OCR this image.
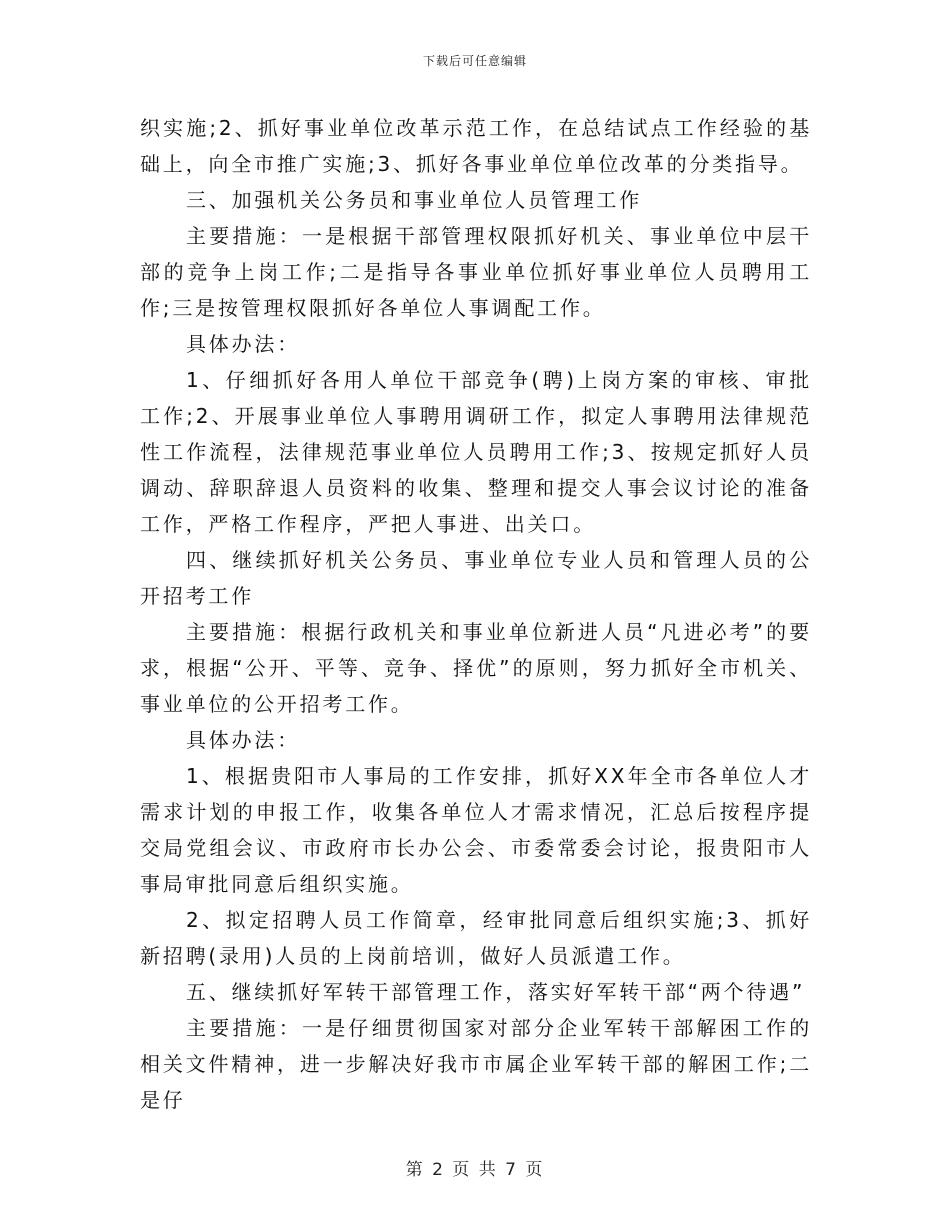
下载后可任意编辑

织实施;2、抓好事业单位改革示范工作，在总结试点工作经验的基础上，向全市推广实施;3、抓好各事业单位单位改革的分类指导。

三、加强机关公务员和事业单位人员管理工作

主要措施：一是根据干部管理权限抓好机关、事业单位中层干部的竞争上岗工作;二是指导各事业单位抓好事业单位人员聘用工作;三是按管理权限抓好各单位人事调配工作。

具体办法：

1、仔细抓好各用人单位干部竞争(聘)上岗方案的审核、审批工作;2、开展事业单位人事聘用调研工作，拟定人事聘用法律规范性工作流程，法律规范事业单位人员聘用工作;3、按规定抓好人员调动、辞职辞退人员资料的收集、整理和提交人事会议讨论的准备工作，严格工作程序，严把人事进、出关口。

四、继续抓好机关公务员、事业单位专业人员和管理人员的公开招考工作

主要措施：根据行政机关和事业单位新进人员“凡进必考”的要求，根据“公开、平等、竞争、择优”的原则，努力抓好全市机关、事业单位的公开招考工作。

具体办法：

1、根据贵阳市人事局的工作安排，抓好XX年全市各单位人才需求计划的申报工作，收集各单位人才需求情况，汇总后按程序提交局党组会议、市政府市长办公会、市委常委会讨论，报贵阳市人事局审批同意后组织实施。

2、拟定招聘人员工作简章，经审批同意后组织实施;3、抓好新招聘(录用)人员的上岗前培训，做好人员派遣工作。

五、继续抓好军转干部管理工作，落实好军转干部“两个待遇”

主要措施：一是仔细贯彻国家对部分企业军转干部解困工作的相关文件精神，进一步解决好我市市属企业军转干部的解困工作;二是仔

第 2 页 共 7 页
